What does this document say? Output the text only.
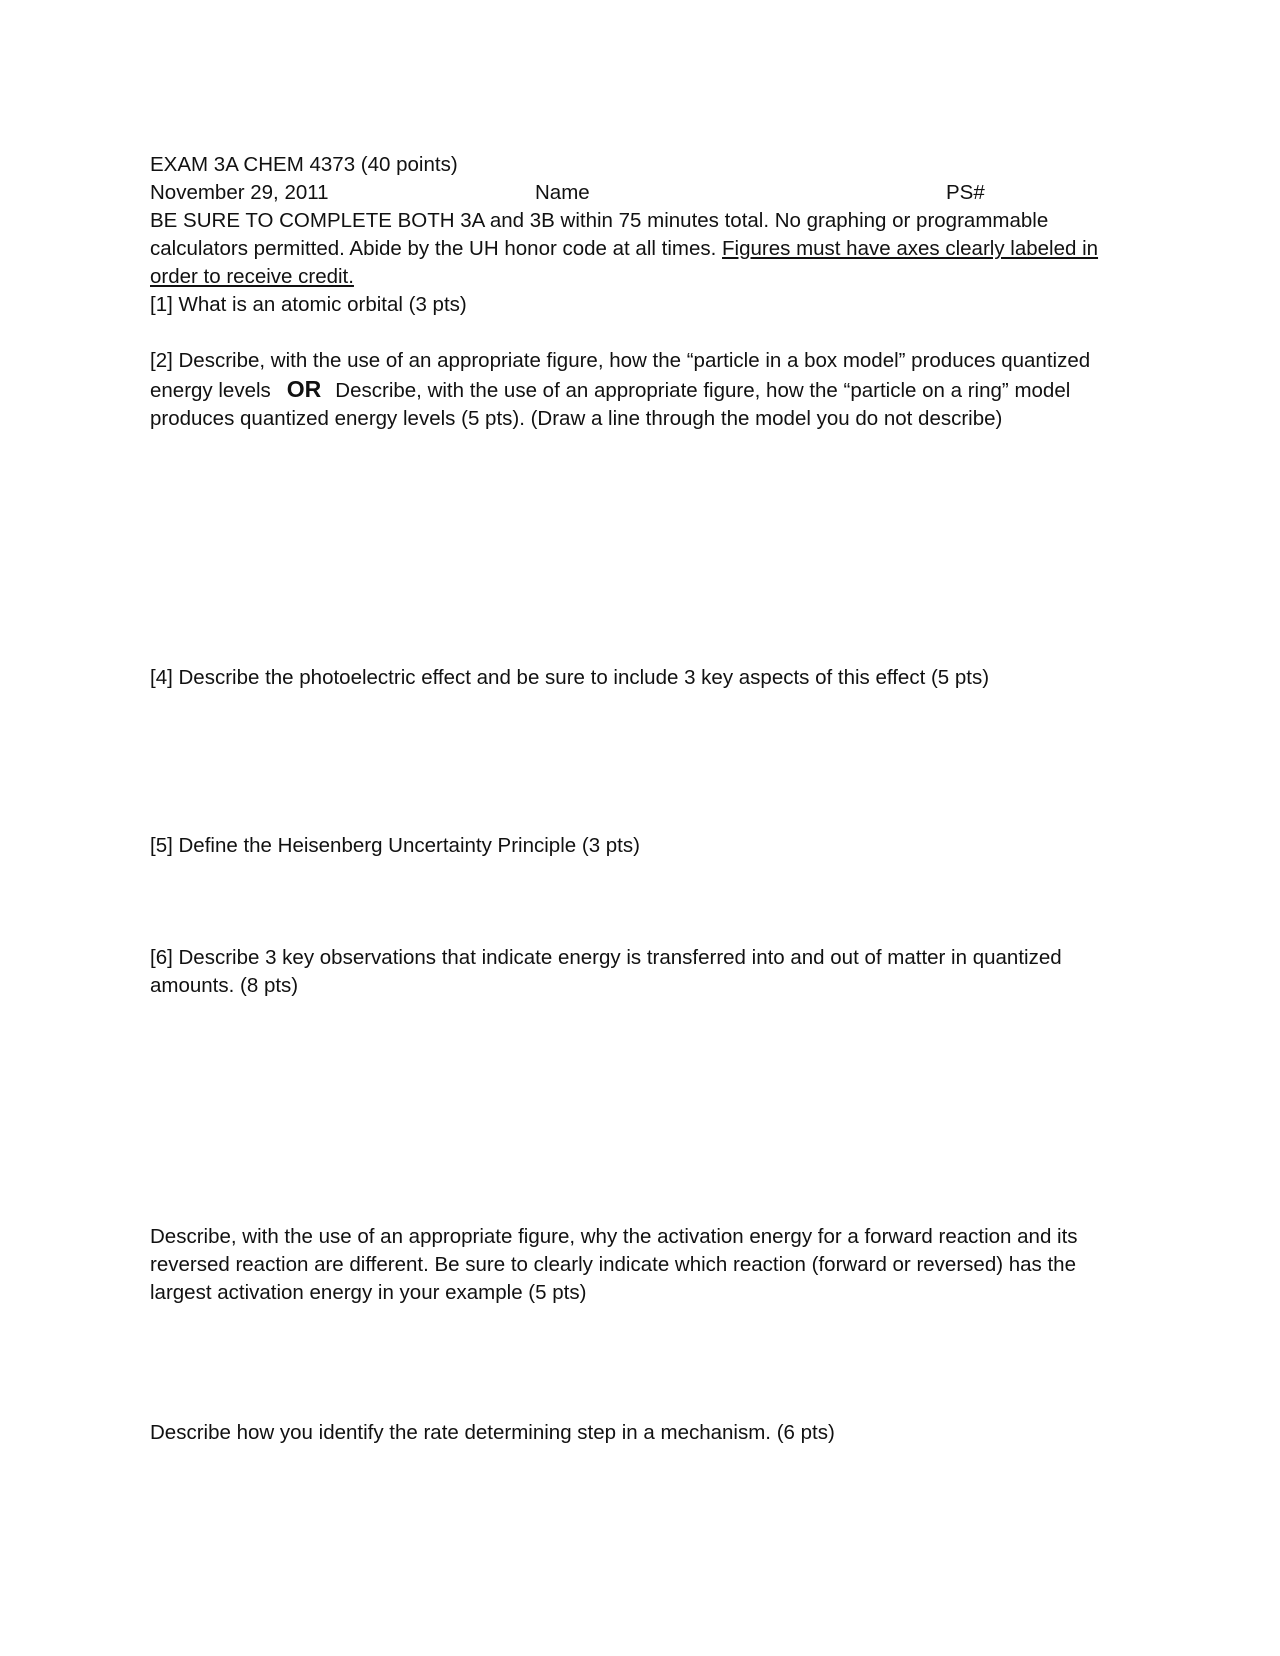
EXAM 3A CHEM 4373 (40 points)
November 29, 2011	Name	PS#
BE SURE TO COMPLETE BOTH 3A and 3B within 75 minutes total. No graphing or programmable calculators permitted. Abide by the UH honor code at all times. Figures must have axes clearly labeled in order to receive credit.
[1] What is an atomic orbital (3 pts)
[2] Describe, with the use of an appropriate figure, how the “particle in a box model” produces quantized energy levels OR Describe, with the use of an appropriate figure, how the “particle on a ring” model produces quantized energy levels (5 pts). (Draw a line through the model you do not describe)
[4] Describe the photoelectric effect and be sure to include 3 key aspects of this effect (5 pts)
[5] Define the Heisenberg Uncertainty Principle (3 pts)
[6] Describe 3 key observations that indicate energy is transferred into and out of matter in quantized amounts. (8 pts)
Describe, with the use of an appropriate figure, why the activation energy for a forward reaction and its reversed reaction are different. Be sure to clearly indicate which reaction (forward or reversed) has the largest activation energy in your example (5 pts)
Describe how you identify the rate determining step in a mechanism. (6 pts)
